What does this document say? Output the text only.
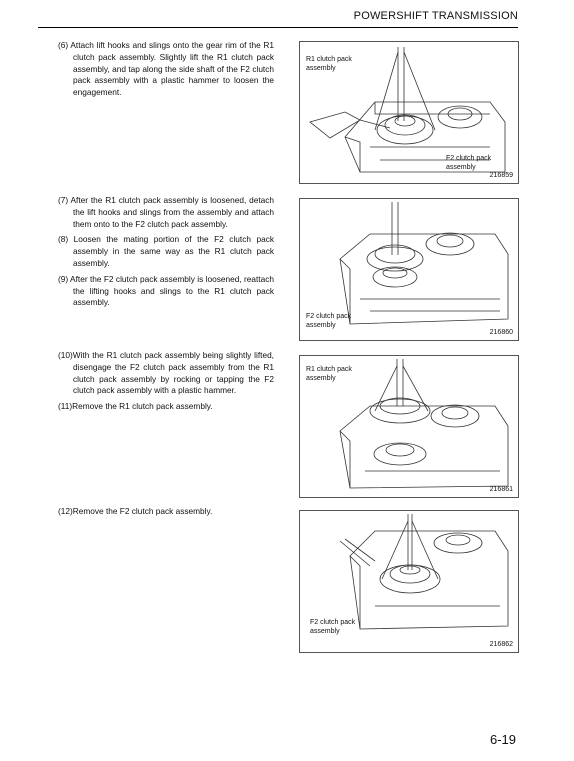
POWERSHIFT TRANSMISSION

(6) Attach lift hooks and slings onto the gear rim of the R1 clutch pack assembly. Slightly lift the R1 clutch pack assembly, and tap along the side shaft of the F2 clutch pack assembly with a plastic hammer to loosen the engagement.

(7) After the R1 clutch pack assembly is loosened, detach the lift hooks and slings from the assembly and attach them onto to the F2 clutch pack assembly.

(8) Loosen the mating portion of the F2 clutch pack assembly in the same way as the R1 clutch pack assembly.

(9) After the F2 clutch pack assembly is loosened, reattach the lifting hooks and slings to the R1 clutch pack assembly.

(10)With the R1 clutch pack assembly being slightly lifted, disengage the F2 clutch pack assembly from the R1 clutch pack assembly by rocking or tapping the F2 clutch pack assembly with a plastic hammer.

(11)Remove the R1 clutch pack assembly.

(12)Remove the F2 clutch pack assembly.

R1 clutch pack
assembly
F2 clutch pack
assembly
216859
F2 clutch pack
assembly
216860
R1 clutch pack
assembly
216861
F2 clutch pack
assembly
216862
6-19
